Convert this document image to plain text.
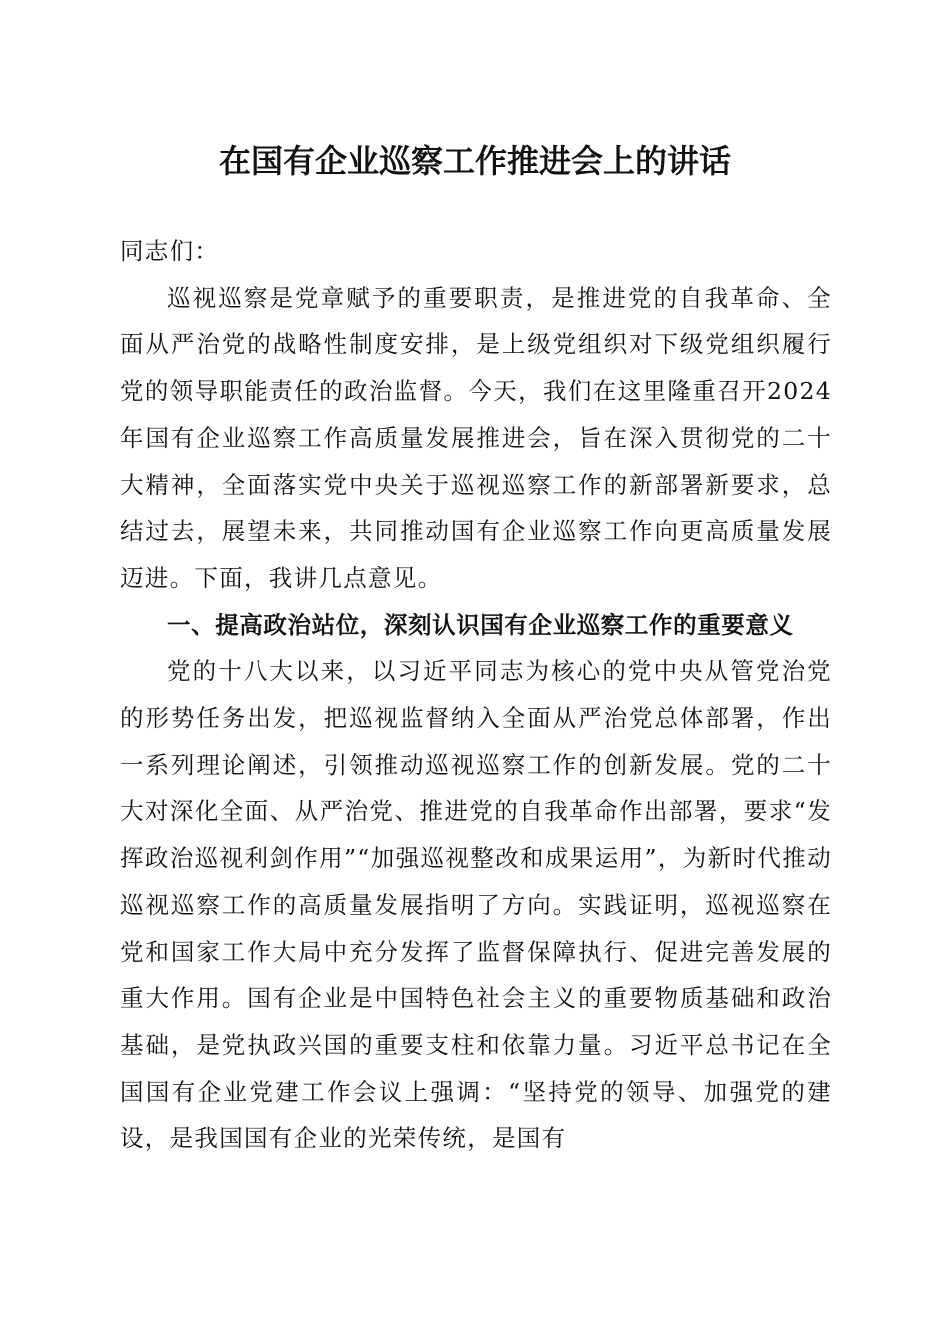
在国有企业巡察工作推进会上的讲话

同志们：

巡视巡察是党章赋予的重要职责，是推进党的自我革命、全面从严治党的战略性制度安排，是上级党组织对下级党组织履行党的领导职能责任的政治监督。今天，我们在这里隆重召开2024年国有企业巡察工作高质量发展推进会，旨在深入贯彻党的二十大精神，全面落实党中央关于巡视巡察工作的新部署新要求，总结过去，展望未来，共同推动国有企业巡察工作向更高质量发展迈进。下面，我讲几点意见。

一、提高政治站位，深刻认识国有企业巡察工作的重要意义

党的十八大以来，以习近平同志为核心的党中央从管党治党的形势任务出发，把巡视监督纳入全面从严治党总体部署，作出一系列理论阐述，引领推动巡视巡察工作的创新发展。党的二十大对深化全面、从严治党、推进党的自我革命作出部署，要求“发挥政治巡视利剑作用”“加强巡视整改和成果运用”，为新时代推动巡视巡察工作的高质量发展指明了方向。实践证明，巡视巡察在党和国家工作大局中充分发挥了监督保障执行、促进完善发展的重大作用。国有企业是中国特色社会主义的重要物质基础和政治基础，是党执政兴国的重要支柱和依靠力量。习近平总书记在全国国有企业党建工作会议上强调：“坚持党的领导、加强党的建设，是我国国有企业的光荣传统，是国有
